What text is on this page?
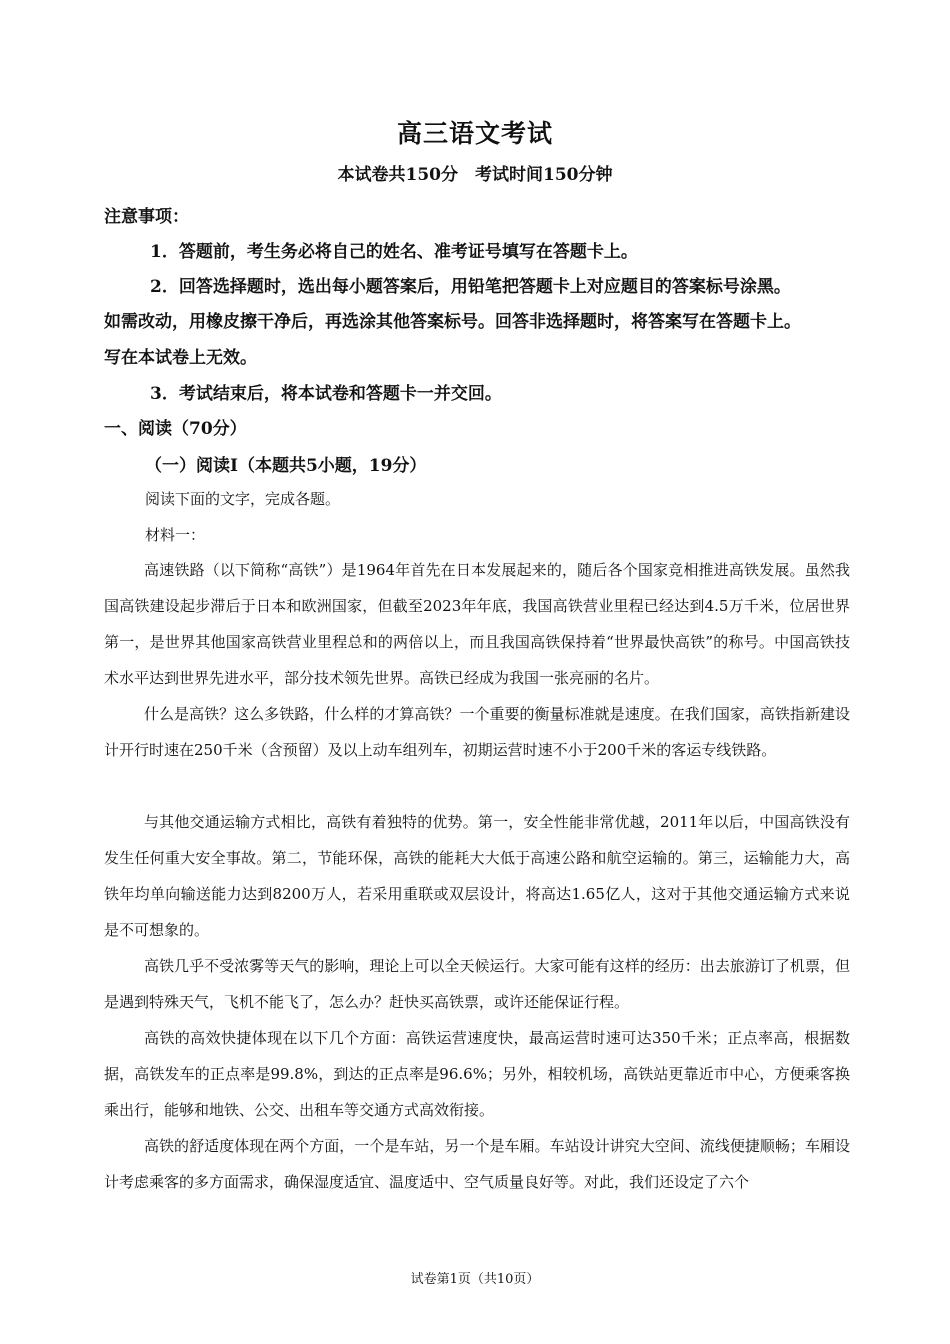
高三语文考试
本试卷共150分　考试时间150分钟
注意事项：
1．答题前，考生务必将自己的姓名、准考证号填写在答题卡上。
2．回答选择题时，选出每小题答案后，用铅笔把答题卡上对应题目的答案标号涂黑。
如需改动，用橡皮擦干净后，再选涂其他答案标号。回答非选择题时，将答案写在答题卡上。
写在本试卷上无效。
3．考试结束后，将本试卷和答题卡一并交回。
一、阅读（70分）
（一）阅读Ⅰ（本题共5小题，19分）
阅读下面的文字，完成各题。
材料一：

高速铁路（以下简称“高铁”）是1964年首先在日本发展起来的，随后各个国家竞相推进高铁发展。虽然我国高铁建设起步滞后于日本和欧洲国家，但截至2023年年底，我国高铁营业里程已经达到4.5万千米，位居世界第一，是世界其他国家高铁营业里程总和的两倍以上，而且我国高铁保持着“世界最快高铁”的称号。中国高铁技术水平达到世界先进水平，部分技术领先世界。高铁已经成为我国一张亮丽的名片。

什么是高铁？这么多铁路，什么样的才算高铁？一个重要的衡量标准就是速度。在我们国家，高铁指新建设计开行时速在250千米（含预留）及以上动车组列车，初期运营时速不小于200千米的客运专线铁路。

与其他交通运输方式相比，高铁有着独特的优势。第一，安全性能非常优越，2011年以后，中国高铁没有发生任何重大安全事故。第二，节能环保，高铁的能耗大大低于高速公路和航空运输的。第三，运输能力大，高铁年均单向输送能力达到8200万人，若采用重联或双层设计，将高达1.65亿人，这对于其他交通运输方式来说是不可想象的。

高铁几乎不受浓雾等天气的影响，理论上可以全天候运行。大家可能有这样的经历：出去旅游订了机票，但是遇到特殊天气，飞机不能飞了，怎么办？赶快买高铁票，或许还能保证行程。

高铁的高效快捷体现在以下几个方面：高铁运营速度快，最高运营时速可达350千米；正点率高，根据数据，高铁发车的正点率是99.8%，到达的正点率是96.6%；另外，相较机场，高铁站更靠近市中心，方便乘客换乘出行，能够和地铁、公交、出租车等交通方式高效衔接。

高铁的舒适度体现在两个方面，一个是车站，另一个是车厢。车站设计讲究大空间、流线便捷顺畅；车厢设计考虑乘客的多方面需求，确保湿度适宜、温度适中、空气质量良好等。对此，我们还设定了六个

试卷第1页（共10页）
